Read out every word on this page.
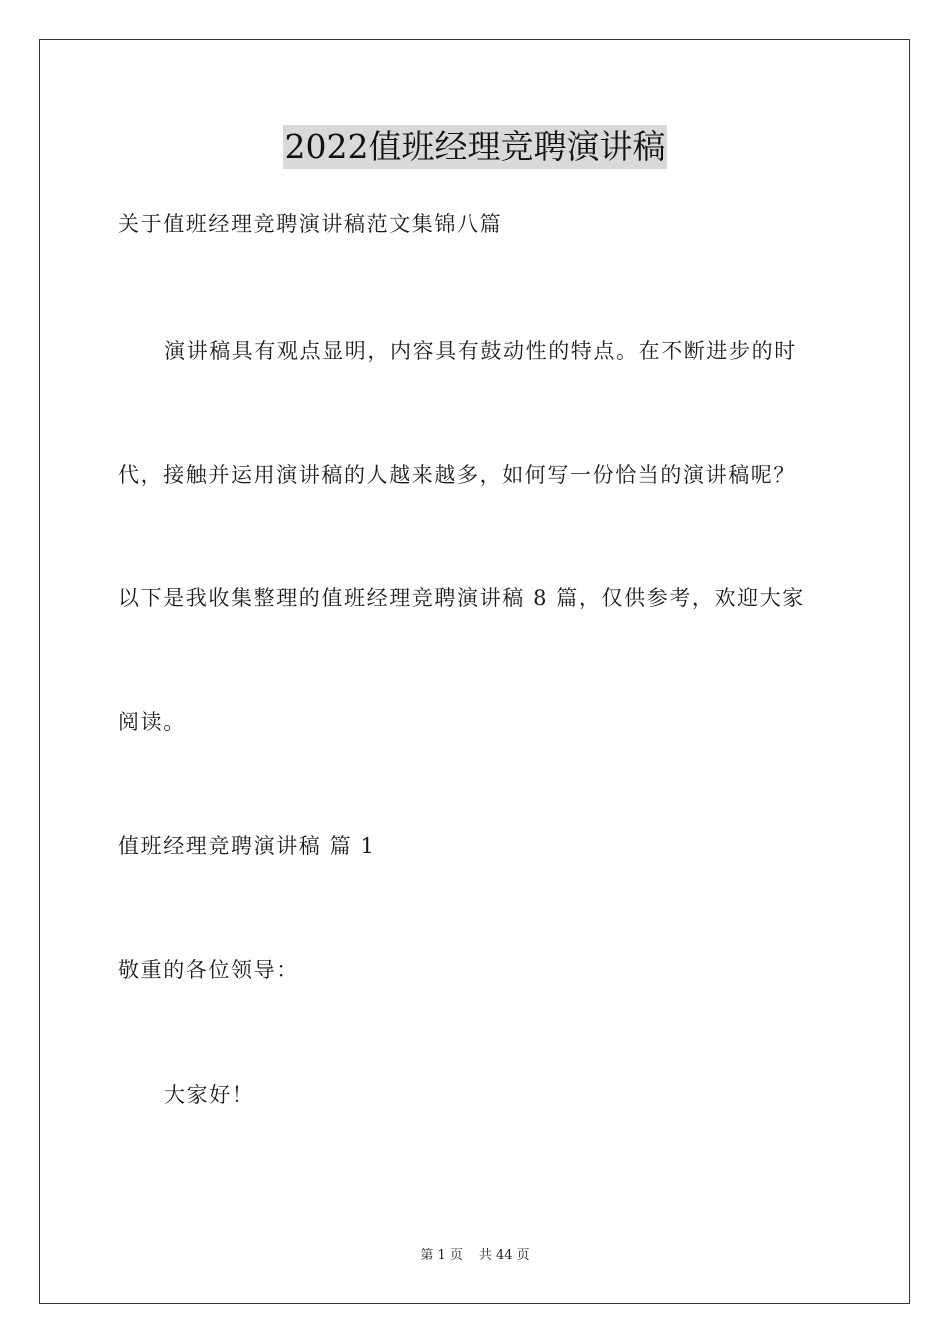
2022值班经理竞聘演讲稿
关于值班经理竞聘演讲稿范文集锦八篇
演讲稿具有观点显明，内容具有鼓动性的特点。在不断进步的时
代，接触并运用演讲稿的人越来越多，如何写一份恰当的演讲稿呢？
以下是我收集整理的值班经理竞聘演讲稿 8 篇，仅供参考，欢迎大家
阅读。
值班经理竞聘演讲稿 篇 1
敬重的各位领导：
大家好！
第 1 页 共 44 页
